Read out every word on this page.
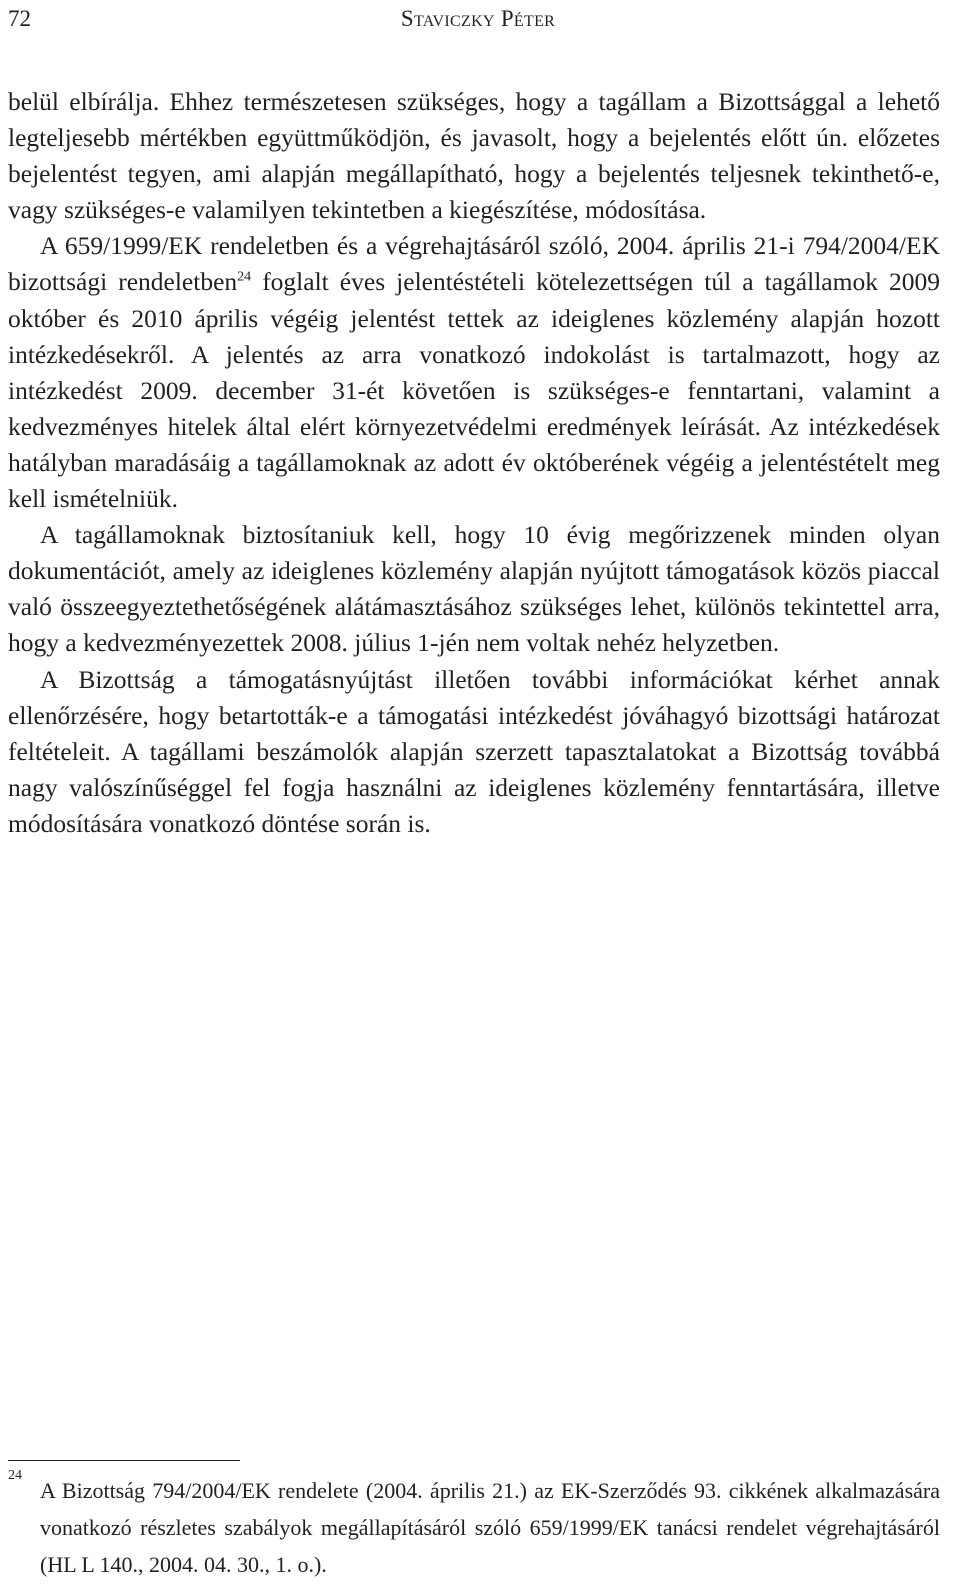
72	Staviczky Péter

belül elbírálja. Ehhez természetesen szükséges, hogy a tagállam a Bizottsággal a lehető legteljesebb mértékben együttműködjön, és javasolt, hogy a bejelentés előtt ún. előzetes bejelentést tegyen, ami alapján megállapítható, hogy a bejelentés teljesnek tekinthető-e, vagy szükséges-e valamilyen tekintetben a kiegészítése, módosítása.

A 659/1999/EK rendeletben és a végrehajtásáról szóló, 2004. április 21-i 794/2004/EK bizottsági rendeletben$^{24}$ foglalt éves jelentéstételi kötelezettségen túl a tagállamok 2009 október és 2010 április végéig jelentést tettek az ideiglenes közlemény alapján hozott intézkedésekről. A jelentés az arra vonatkozó indokolást is tartalmazott, hogy az intézkedést 2009. december 31-ét követően is szükséges-e fenntartani, valamint a kedvezményes hitelek által elért környezetvédelmi eredmények leírását. Az intézkedések hatályban maradásáig a tagállamoknak az adott év októberének végéig a jelentéstételt meg kell ismételniük.

A tagállamoknak biztosítaniuk kell, hogy 10 évig megőrizzenek minden olyan dokumentációt, amely az ideiglenes közlemény alapján nyújtott támogatások közös piaccal való összeegyeztethetőségének alátámasztásához szükséges lehet, különös tekintettel arra, hogy a kedvezményezettek 2008. július 1-jén nem voltak nehéz helyzetben.

A Bizottság a támogatásnyújtást illetően további információkat kérhet annak ellenőrzésére, hogy betartották-e a támogatási intézkedést jóváhagyó bizottsági határozat feltételeit. A tagállami beszámolók alapján szerzett tapasztalatokat a Bizottság továbbá nagy valószínűséggel fel fogja használni az ideiglenes közlemény fenntartására, illetve módosítására vonatkozó döntése során is.

24
A Bizottság 794/2004/EK rendelete (2004. április 21.) az EK-Szerződés 93. cikkének alkalmazására vonatkozó részletes szabályok megállapításáról szóló 659/1999/EK tanácsi rendelet végrehajtásáról (HL L 140., 2004. 04. 30., 1. o.).
